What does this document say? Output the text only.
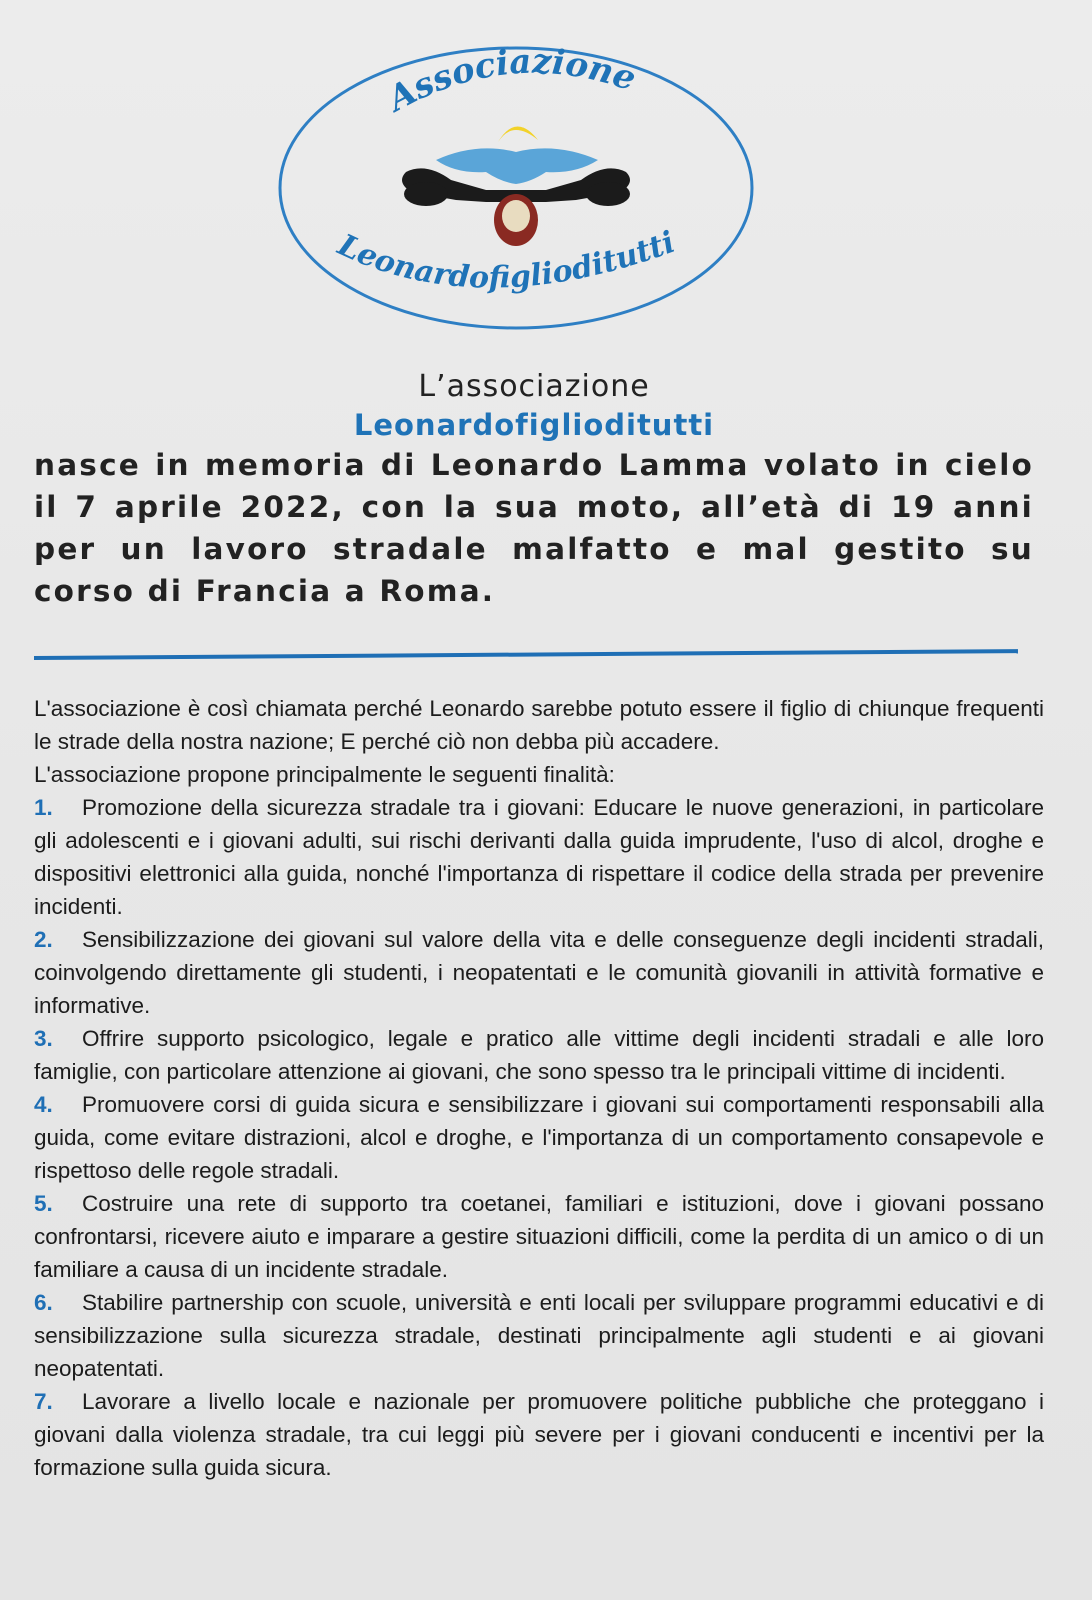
Associazione
Leonardofigliodituttі

L’associazione

Leonardofigliodituttі

nasce in memoria di Leonardo Lamma volato in cielo il 7 aprile 2022, con la sua moto, all’età di 19 anni per un lavoro stradale malfatto e mal gestito su corso di Francia a Roma.

L'associazione è così chiamata perché Leonardo sarebbe potuto essere il figlio di chiunque frequenti le strade della nostra nazione; E perché ciò non debba più accadere.

L'associazione propone principalmente le seguenti finalità:

1. Promozione della sicurezza stradale tra i giovani: Educare le nuove generazioni, in particolare gli adolescenti e i giovani adulti, sui rischi derivanti dalla guida imprudente, l'uso di alcol, droghe e dispositivi elettronici alla guida, nonché l'importanza di rispettare il codice della strada per prevenire incidenti.

2. Sensibilizzazione dei giovani sul valore della vita e delle conseguenze degli incidenti stradali, coinvolgendo direttamente gli studenti, i neopatentati e le comunità giovanili in attività formative e informative.

3. Offrire supporto psicologico, legale e pratico alle vittime degli incidenti stradali e alle loro famiglie, con particolare attenzione ai giovani, che sono spesso tra le principali vittime di incidenti.

4. Promuovere corsi di guida sicura e sensibilizzare i giovani sui comportamenti responsabili alla guida, come evitare distrazioni, alcol e droghe, e l'importanza di un comportamento consapevole e rispettoso delle regole stradali.

5. Costruire una rete di supporto tra coetanei, familiari e istituzioni, dove i giovani possano confrontarsi, ricevere aiuto e imparare a gestire situazioni difficili, come la perdita di un amico o di un familiare a causa di un incidente stradale.

6. Stabilire partnership con scuole, università e enti locali per sviluppare programmi educativi e di sensibilizzazione sulla sicurezza stradale, destinati principalmente agli studenti e ai giovani neopatentati.

7. Lavorare a livello locale e nazionale per promuovere politiche pubbliche che proteggano i giovani dalla violenza stradale, tra cui leggi più severe per i giovani conducenti e incentivi per la formazione sulla guida sicura.
